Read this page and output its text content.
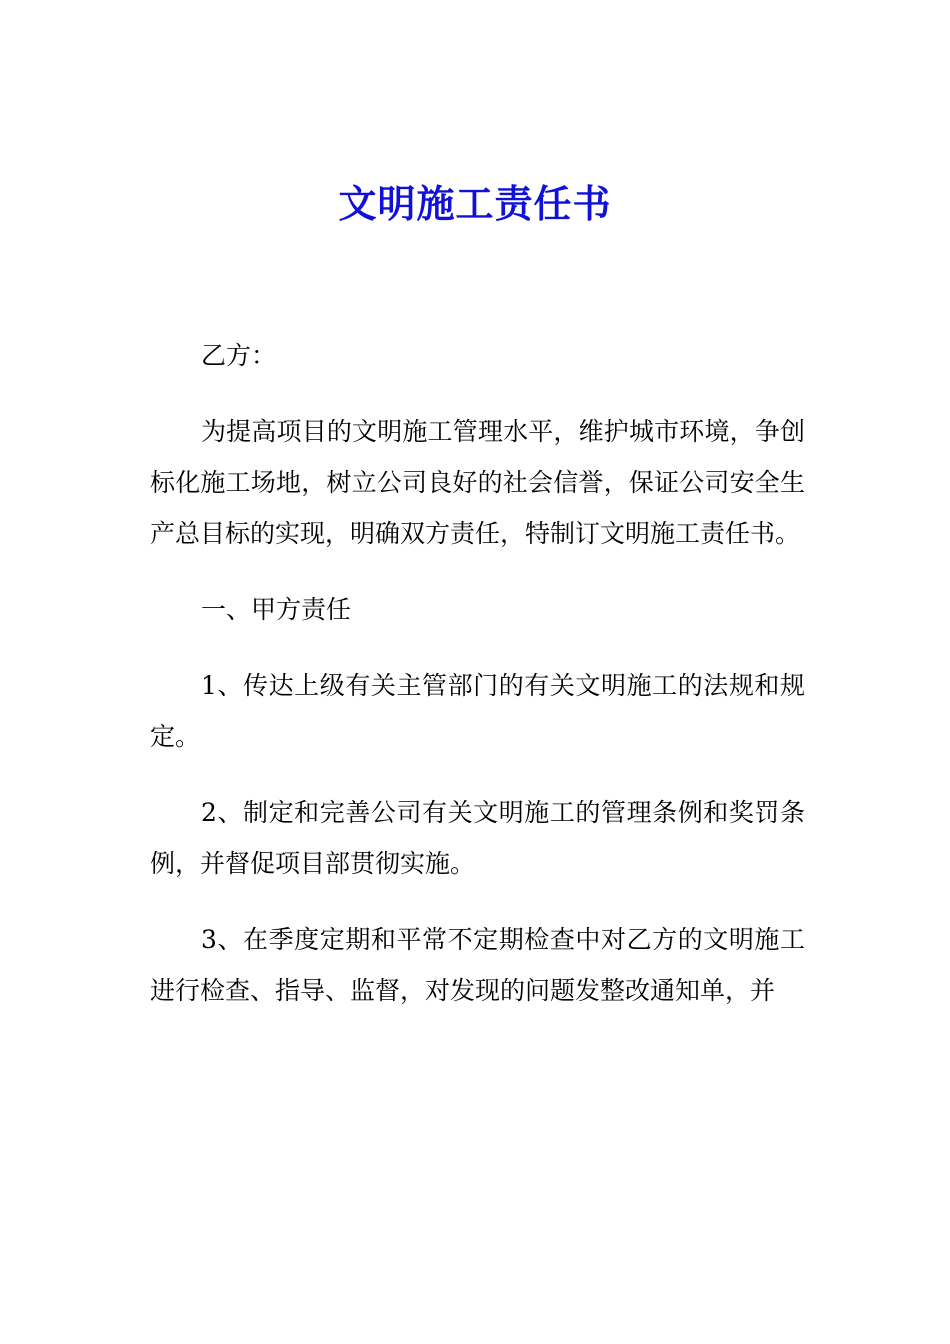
文明施工责任书

乙方：

为提高项目的文明施工管理水平，维护城市环境，争创标化施工场地，树立公司良好的社会信誉，保证公司安全生产总目标的实现，明确双方责任，特制订文明施工责任书。

一、甲方责任

1、传达上级有关主管部门的有关文明施工的法规和规定。

2、制定和完善公司有关文明施工的管理条例和奖罚条例，并督促项目部贯彻实施。

3、在季度定期和平常不定期检查中对乙方的文明施工进行检查、指导、监督，对发现的问题发整改通知单，并
